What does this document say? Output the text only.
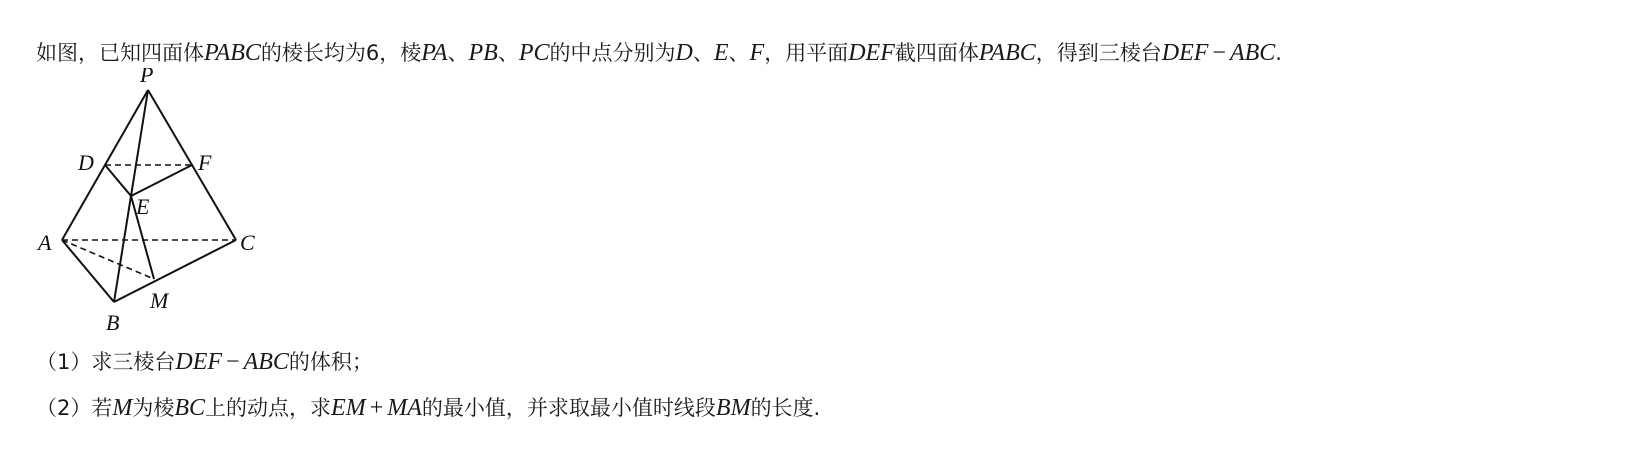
如图，已知四面体PABC的棱长均为6，棱PA、PB、PC的中点分别为D、E、F，用平面DEF截四面体PABC，得到三棱台DEF − ABC.
P
D	F
E
A	C
M
B
（1）求三棱台DEF − ABC的体积；
（2）若M为棱BC上的动点，求EM + MA的最小值，并求取最小值时线段BM的长度.
